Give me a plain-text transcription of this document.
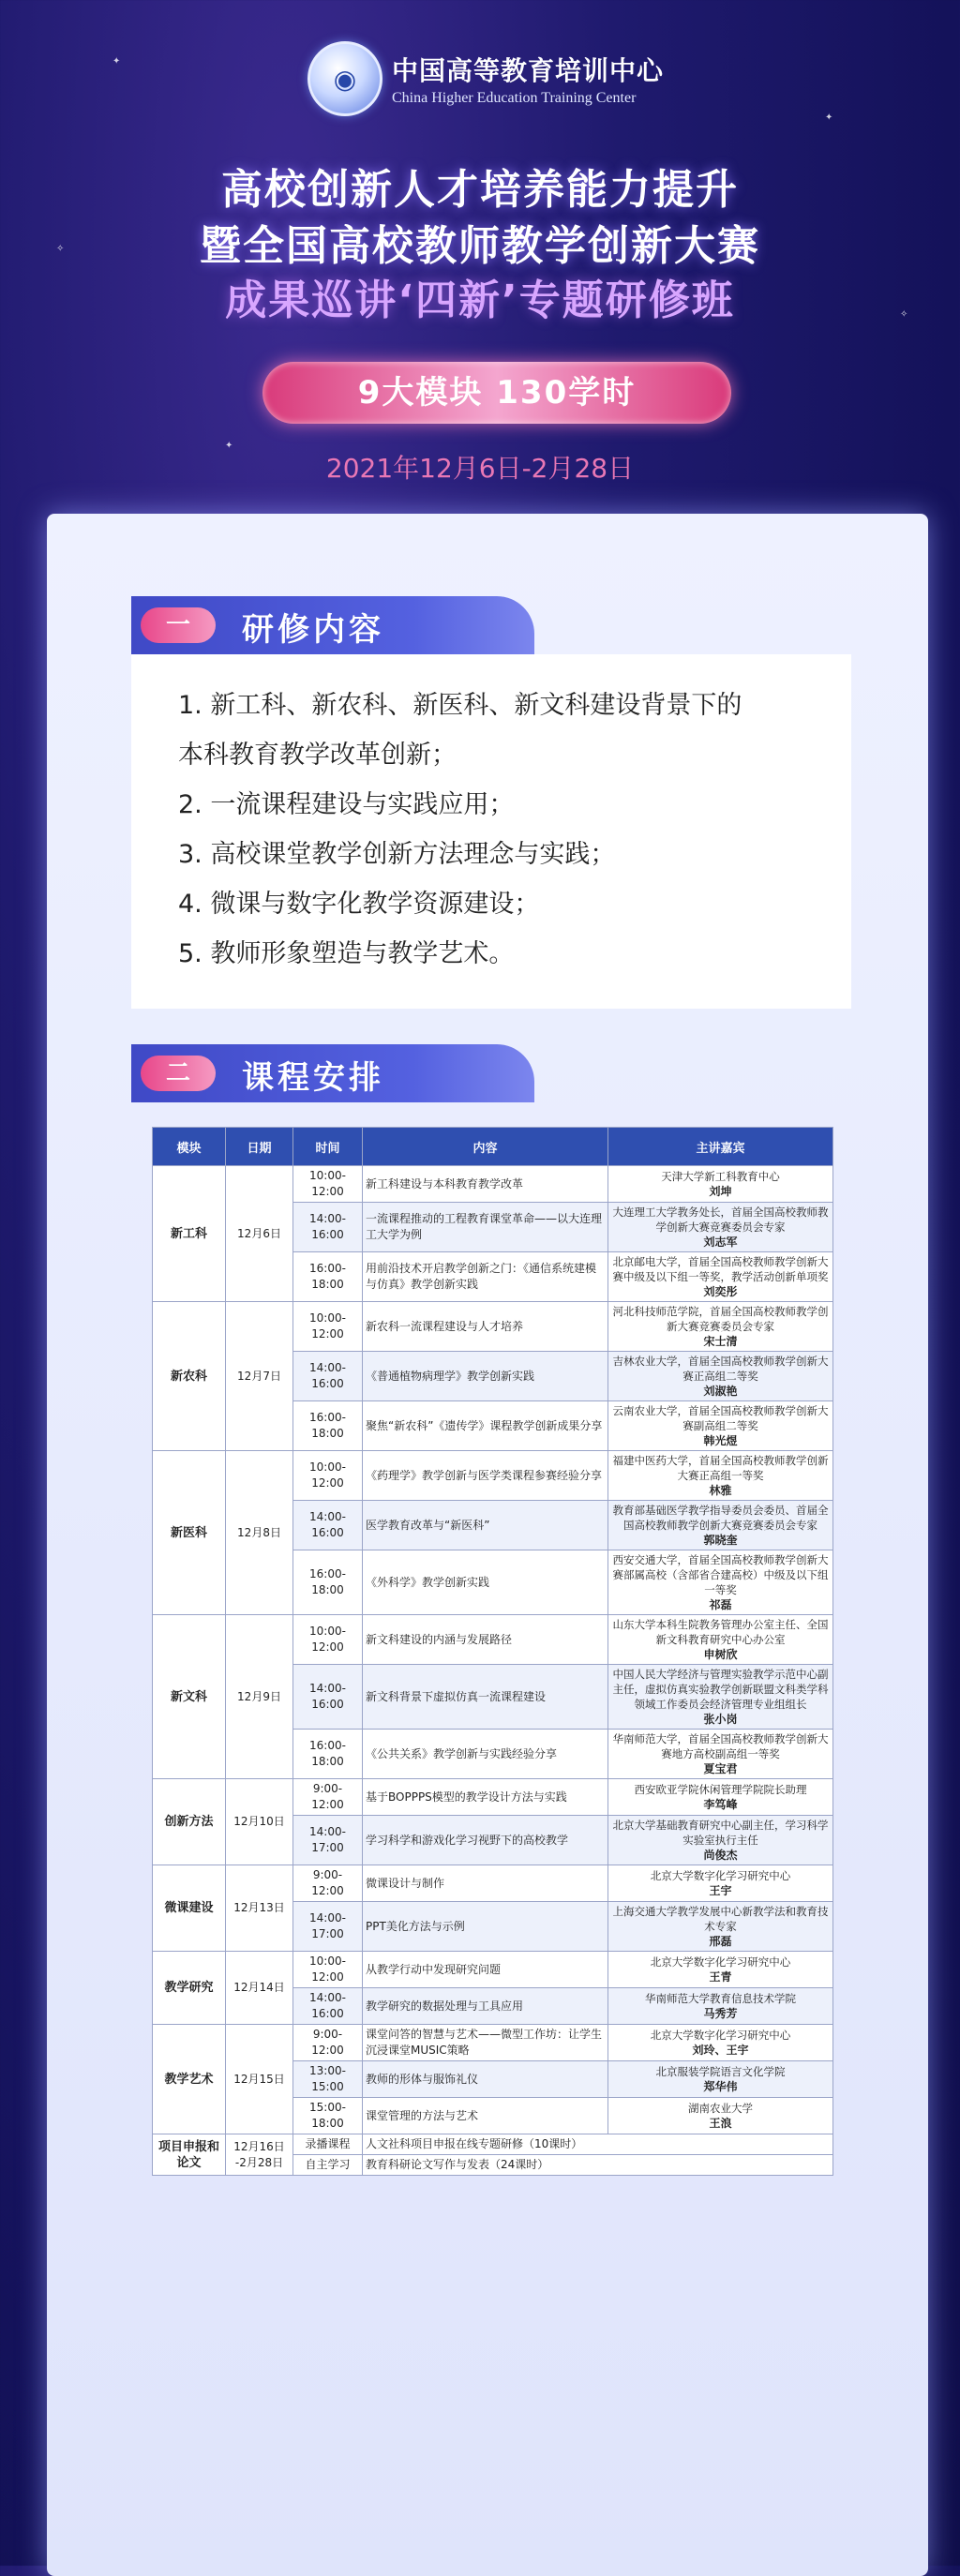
✦
✦
✧
✧
✦
◉ 中国高等教育培训中心
China Higher Education Training Center
高校创新人才培养能力提升
暨全国高校教师教学创新大赛
成果巡讲‘四新’专题研修班
9大模块 130学时
2021年12月6日-2月28日
一	研修内容
1. 新工科、新农科、新医科、新文科建设背景下的
本科教育教学改革创新；
2. 一流课程建设与实践应用；
3. 高校课堂教学创新方法理念与实践；
4. 微课与数字化教学资源建设；
5. 教师形象塑造与教学艺术。
二	课程安排
模块	日期	时间	内容	主讲嘉宾
新工科	12月6日	10:00-
12:00	新工科建设与本科教育教学改革	天津大学新工科教育中心
刘坤

		14:00-
16:00	一流课程推动的工程教育课堂革命——以大连理工大学为例	大连理工大学教务处长，首届全国高校教师教学创新大赛竞赛委员会专家
刘志军

		16:00-
18:00	用前沿技术开启教学创新之门：《通信系统建模与仿真》教学创新实践	北京邮电大学，首届全国高校教师教学创新大赛中级及以下组一等奖，教学活动创新单项奖
刘奕彤

新农科	12月7日	10:00-
12:00	新农科一流课程建设与人才培养	河北科技师范学院，首届全国高校教师教学创新大赛竞赛委员会专家
宋士清

		14:00-
16:00	《普通植物病理学》教学创新实践	吉林农业大学，首届全国高校教师教学创新大赛正高组二等奖
刘淑艳

		16:00-
18:00	聚焦“新农科”《遗传学》课程教学创新成果分享	云南农业大学，首届全国高校教师教学创新大赛副高组二等奖
韩光煜

新医科	12月8日	10:00-
12:00	《药理学》教学创新与医学类课程参赛经验分享	福建中医药大学，首届全国高校教师教学创新大赛正高组一等奖
林雅

		14:00-
16:00	医学教育改革与“新医科”	教育部基础医学教学指导委员会委员、首届全国高校教师教学创新大赛竞赛委员会专家
郭晓奎

		16:00-
18:00	《外科学》教学创新实践	西安交通大学，首届全国高校教师教学创新大赛部属高校（含部省合建高校）中级及以下组一等奖
祁磊

新文科	12月9日	10:00-
12:00	新文科建设的内涵与发展路径	山东大学本科生院教务管理办公室主任、全国新文科教育研究中心办公室
申树欣

		14:00-
16:00	新文科背景下虚拟仿真一流课程建设	中国人民大学经济与管理实验教学示范中心副主任，虚拟仿真实验教学创新联盟文科类学科领域工作委员会经济管理专业组组长
张小岗

		16:00-
18:00	《公共关系》教学创新与实践经验分享	华南师范大学，首届全国高校教师教学创新大赛地方高校副高组一等奖
夏宝君

创新方法	12月10日	9:00-
12:00	基于BOPPPS模型的教学设计方法与实践	西安欧亚学院休闲管理学院院长助理
李笃峰

		14:00-
17:00	学习科学和游戏化学习视野下的高校教学	北京大学基础教育研究中心副主任，学习科学实验室执行主任
尚俊杰

微课建设	12月13日	9:00-
12:00	微课设计与制作	北京大学数字化学习研究中心
王宇

		14:00-
17:00	PPT美化方法与示例	上海交通大学教学发展中心新教学法和教育技术专家
邢磊

教学研究	12月14日	10:00-
12:00	从教学行动中发现研究问题	北京大学数字化学习研究中心
王青

		14:00-
16:00	教学研究的数据处理与工具应用	华南师范大学教育信息技术学院
马秀芳

教学艺术	12月15日	9:00-
12:00	课堂问答的智慧与艺术——微型工作坊：让学生沉浸课堂MUSIC策略	北京大学数字化学习研究中心
刘玲、王宇

		13:00-
15:00	教师的形体与服饰礼仪	北京服装学院语言文化学院
郑华伟

		15:00-
18:00	课堂管理的方法与艺术	湖南农业大学
王浪

项目申报和论文	12月16日
-2月28日	录播课程	人文社科项目申报在线专题研修（10课时）	
		自主学习	教育科研论文写作与发表（24课时）	
